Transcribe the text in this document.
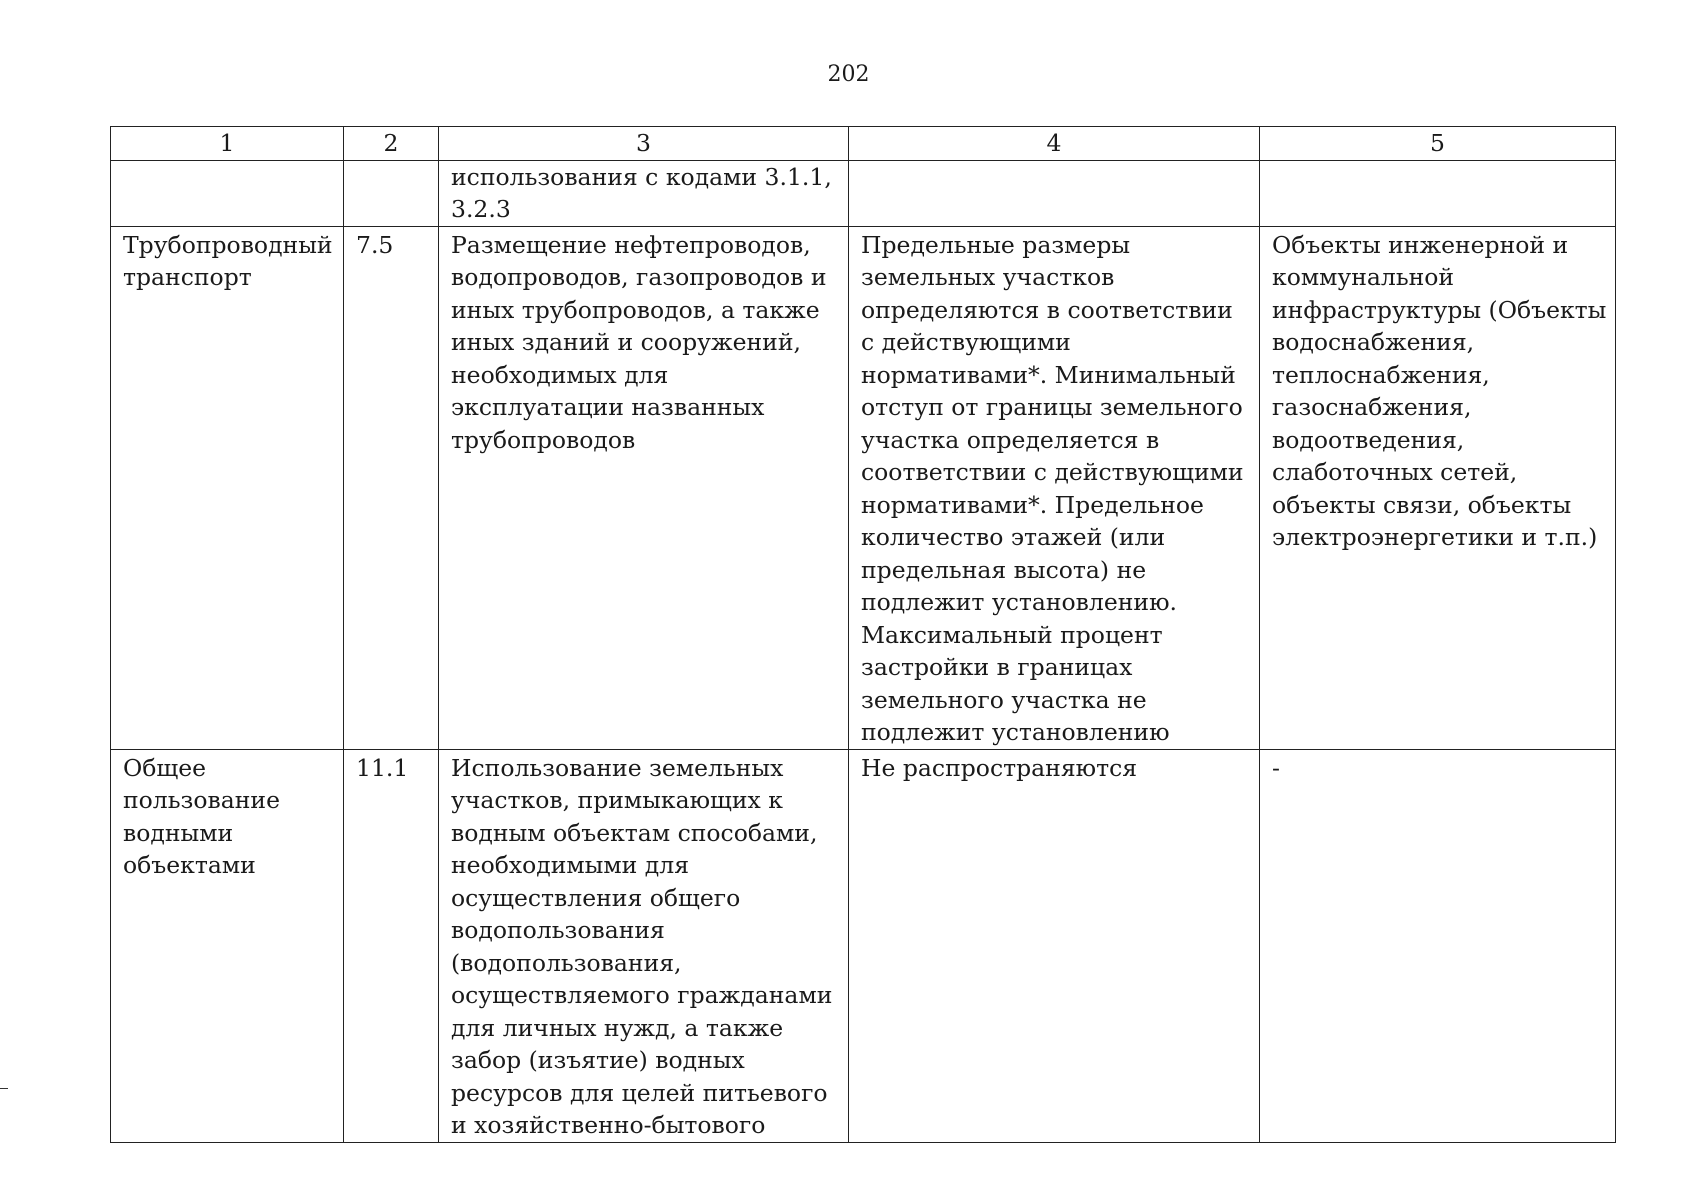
202
1	2	3	4	5
		использования с кодами 3.1.1, 3.2.3		
Трубопроводный транспорт	7.5	Размещение нефтепроводов, водопроводов, газопроводов и иных трубопроводов, а также иных зданий и сооружений, необходимых для эксплуатации названных трубопроводов	Предельные размеры земельных участков определяются в соответствии с действующими нормативами*. Минимальный отступ от границы земельного участка определяется в соответствии с действующими нормативами*. Предельное количество этажей (или предельная высота) не подлежит установлению. Максимальный процент застройки в границах земельного участка не подлежит установлению	Объекты инженерной и коммунальной инфраструктуры (Объекты водоснабжения, теплоснабжения, газоснабжения, водоотведения, слаботочных сетей, объекты связи, объекты электроэнергетики и т.п.)
Общее пользование водными объектами	11.1	Использование земельных участков, примыкающих к водным объектам способами, необходимыми для осуществления общего водопользования (водопользования, осуществляемого гражданами для личных нужд, а также забор (изъятие) водных ресурсов для целей питьевого и хозяйственно-бытового	Не распространяются	-
